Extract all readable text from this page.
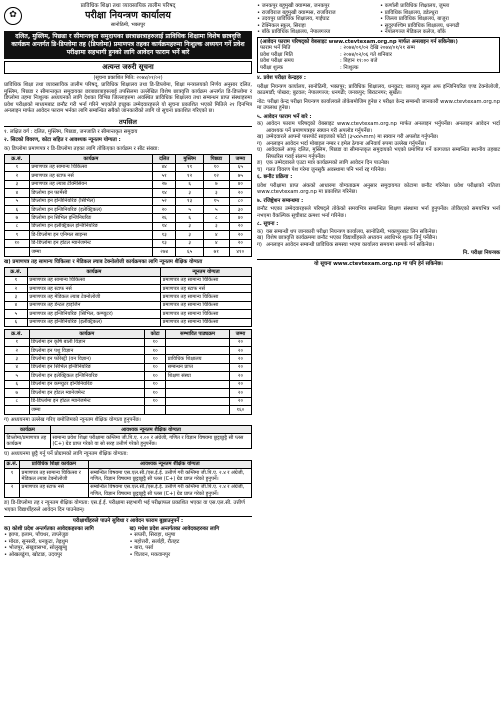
✿
प्राविधिक शिक्षा तथा व्यावसायिक तालीम परिषद्
परीक्षा नियन्त्रण कार्यालय
सानोठिमी, भक्तपुर
दलित, मुस्लिम, पिछडा र सीमान्तकृत समुदायका छात्राछात्राहरुलाई प्राविधिक शिक्षामा विशेष छात्रवृत्ति कार्यक्रम अन्तर्गत डि-डिप्लोमा तह (डिप्लोमा) प्रमाणपत्र तहका कार्यक्रमहरुमा निःशुल्क अध्ययन गर्ने प्रवेश परीक्षामा सहभागी हुनको लागि आवेदन फाराम भर्ने बारे
अत्यन्त जरुरी सूचना
(सूचना प्रकाशित मिति: २०७४/०१/०२)

प्राविधिक शिक्षा तथा व्यावसायिक तालीम परिषद्, प्राविधिक शिक्षालय तथा डि-डिप्लोमा, शिक्षा मन्त्रालयको निर्णय अनुसार दलित, मुस्लिम, पिछडा र सीमान्तकृत समुदायका छात्राछात्राहरुलाई तपसिलमा उल्लेखित विशेष छात्रवृत्ति कार्यक्रम अन्तर्गत डि-डिप्लोमा र डिप्लोमा तहमा निःशुल्क अध्ययनको लागि देशका विभिन्न जिल्लाहरुमा अवस्थित प्राविधिक शिक्षालय तथा सम्बन्धन प्राप्त संस्थाहरुमा प्रवेश परीक्षाको माध्यमबाट छनौट गरी भर्ना गरिने भएकोले इच्छुक उम्मेदवारहरुले यो सूचना प्रकाशित भएको मितिले २१ दिनभित्र अनलाइन मार्फत आवेदन फाराम भर्नका लागि सम्बन्धित सबैको जानकारीको लागि यो सूचना प्रकाशित गरिएको छ।

तपसिल
१. लक्षित वर्ग : दलित, मुस्लिम, पिछडा, जनजाति र सीमान्तकृत समुदाय
२. सिटको विवरण, कोटा सहित र आवश्यक न्यूनतम योग्यता :
क) डिप्लोमा प्रमाणपत्र र डि-डिप्लोमा तहका लागि तोकिएका कार्यक्रम र सीट संख्या:
क्र.सं.	कार्यक्रम	दलित	मुस्लिम	पिछडा	जम्मा
१	प्रमाणपत्र तह सामान्य चिकित्सा	४४	११	१०	६५
२	प्रमाणपत्र तह स्टाफ नर्स	५१	१२	१२	७५
३	प्रमाणपत्र तह ल्याब टेक्निसियन	२७	६	७	४०
४	डिप्लोमा इन फार्मेसी	१४	३	३	२०
५	डिप्लोमा इन इन्जिनियरिङ (सिभिल)	५२	१३	१५	८०
६	डिप्लोमा इन इन्जिनियरिङ (इलेक्ट्रिकल)	२०	५	५	३०
७	डिप्लोमा इन सिभिल इन्जिनियरिङ	२६	६	८	४०
८	डिप्लोमा इन इलेक्ट्रिकल इन्जिनियरिङ	१४	३	३	२०
९	डि-डिप्लोमा इन एनिमल साइन्स	१३	३	४	२०
१०	डि-डिप्लोमा इन होटल म्यानेजमेन्ट	१३	३	४	२०
	जम्मा	२७४	६५	७१	४१०
ख) प्रमाणपत्र तह सामान्य चिकित्सा र मेडिकल ल्याब टेक्नोलोजी कार्यक्रमका लागि न्यूनतम शैक्षिक योग्यता
क्र.सं.	कार्यक्रम	न्यूनतम योग्यता
१	प्रमाणपत्र तह सामान्य चिकित्सा	प्रमाणपत्र तह सामान्य चिकित्सा
२	प्रमाणपत्र तह स्टाफ नर्स	प्रमाणपत्र तह स्टाफ नर्स
३	प्रमाणपत्र तह मेडिकल ल्याब टेक्नोलोजी	प्रमाणपत्र तह सामान्य चिकित्सा
४	प्रमाणपत्र तह डेन्टल हाइजिन	प्रमाणपत्र तह सामान्य चिकित्सा
५	प्रमाणपत्र तह इन्जिनियरिङ (सिभिल, कम्प्युटर)	प्रमाणपत्र तह सामान्य चिकित्सा
६	प्रमाणपत्र तह इन्जिनियरिङ (इलेक्ट्रिकल)	प्रमाणपत्र तह सामान्य चिकित्सा
क्र.सं.	कार्यक्रम	कोटा	सम्भावित पाठ्यक्रम	जम्मा
१	डिप्लोमा इन कृषि बाली विज्ञान	१०		२०
२	डिप्लोमा इन पशु विज्ञान	१०		२०
३	डिप्लोमा इन फोरेस्ट्री (वन विज्ञान)	१०	प्राविधिक शिक्षालय	२०
४	डिप्लोमा इन सिभिल इन्जिनियरिङ	१०	सम्बन्धन प्राप्त	२०
५	डिप्लोमा इन इलेक्ट्रिकल इन्जिनियरिङ	१०	शिक्षण संस्था	२०
६	डिप्लोमा इन कम्प्युटर इन्जिनियरिङ	१०		२०
७	डिप्लोमा इन होटल म्यानेजमेन्ट	१०		२०
८	डि-डिप्लोमा इन होटल म्यानेजमेन्ट	१०		२०
	जम्मा			१६०
ग) अध्ययनमा उल्लेख गरिए बमोजिमको न्यूनतम शैक्षिक योग्यता हुनुपर्नेछ।
कार्यक्रम	आवश्यक न्यूनतम शैक्षिक योग्यता
डिप्लोमा/प्रमाणपत्र तह कार्यक्रम	सामान्य प्रवेश शिक्षा परीक्षामा कम्तिमा जी.पि.ए. २.०० र अंग्रेजी, गणित र विज्ञान विषयमा छुट्टाछुट्टै सी प्लस (C+) ग्रेड प्राप्त गरेको वा सो सरह उत्तीर्ण गरेको हुनुपर्नेछ।
घ) अध्ययनमा छुट्टै गर्नु पर्ने प्रोग्रामको लागि न्यूनतम शैक्षिक योग्यता:
क्र.सं.	प्राविधिक शिक्षा कार्यक्रम	आवश्यक न्यूनतम शैक्षिक योग्यता
१	प्रमाणपत्र तह सामान्य चिकित्सा र मेडिकल ल्याब टेक्नोलोजी	सम्बन्धित विषयमा एस.एल.सी./एस.ई.ई. उत्तीर्ण गरी कम्तिमा जी.पि.ए. २.४ र अंग्रेजी, गणित, विज्ञान विषयमा छुट्टाछुट्टै सी प्लस (C+) ग्रेड प्राप्त गरेको हुनुपर्ने।
२	प्रमाणपत्र तह स्टाफ नर्स	सम्बन्धित विषयमा एस.एल.सी./एस.ई.ई. उत्तीर्ण गरी कम्तिमा जी.पि.ए. २.४ र अंग्रेजी, गणित, विज्ञान विषयमा छुट्टाछुट्टै सी प्लस (C+) ग्रेड प्राप्त गरेको हुनुपर्ने।
ङ) डि-डिप्लोमा तह र न्यूनतम शैक्षिक योग्यता: एस.ई.ई. परीक्षामा सहभागी भई परीक्षाफल प्रकाशित भएका वा एस.एल.सी. उत्तीर्ण भएका विद्यार्थीहरुले आवेदन दिन पाउनेछन्।
परीक्षार्थीहरुले पाउने सुविधा र आवेदन फाराम बुझाउनुपर्ने :
क) कोशी प्रदेश अन्तर्गतका आवेदकहरुका लागि
• झापा, इलाम, पाँचथर, ताप्लेजुङ
• मोरङ, सुनसरी, धनकुटा, तेह्रथुम
• भोजपुर, संखुवासभा, सोलुखुम्बु
• ओखलढुंगा, खोटाङ, उदयपुर
ख) मधेश प्रदेश अन्तर्गतका आवेदकहरुका लागि
• सप्तरी, सिराहा, धनुषा
• महोत्तरी, सर्लाही, रौतहट
• बारा, पर्सा
• चितवन, मकवानपुर
• जनकपुर बहुमुखी क्याम्पस, जनकपुर
• राजविराज बहुमुखी क्याम्पस, राजविराज
• उदयपुर प्राविधिक शिक्षालय, गाईघाट
• टेक्निकल स्कूल, सिराहा
• बाँके प्राविधिक शिक्षालय, नेपालगञ्ज
• कर्णाली प्राविधिक शिक्षालय, जुम्ला
• प्राविधिक शिक्षालय, डडेल्धुरा
• जिल्ला प्राविधिक शिक्षालय, बाजुरा
• सुदूरपश्चिम प्राविधिक शिक्षालय, धनगढी
• नेपालगञ्ज मेडिकल कलेज, बाँके
(आवेदन फाराम परिषद्‌को वेबसाइट www.ctevtexam.org.np मार्फत अनलाइन गर्न सकिनेछ।)
फाराम भर्ने मिति	: २०७४/०१/०२ देखि २०७४/०१/२१ सम्म
प्रवेश परीक्षा मिति	: २०७४/०२/०६ गते शनिबार
प्रवेश परीक्षा समय	: बिहान ११:०० बजे
परीक्षा शुल्क	: निःशुल्क
४. प्रवेश परीक्षा केन्द्रहरु :

परीक्षा नियन्त्रण कार्यालय, सानोठिमी, भक्तपुर; प्राविधिक शिक्षालय, धनकुटा; बालाजु स्कूल अफ इन्जिनियरिङ एण्ड टेक्नोलोजी, काठमाडौं; पोखरा; बुटवल; नेपालगञ्ज; धनगढी; जनकपुर; बिराटनगर; सुर्खेत।

नोट: परीक्षा केन्द्र परीक्षा नियन्त्रण कार्यालयले तोकेबमोजिम हुनेछ र परीक्षा केन्द्र सम्बन्धी जानकारी www.ctevtexam.org.np मा उपलब्ध हुनेछ।

५. आवेदन फाराम भर्ने बारे :
क) आवेदन फाराम परिषद्‌को वेबसाइट www.ctevtexam.org.np मार्फत अनलाइन भर्नुपर्नेछ। अनलाइन आवेदन भर्दा आवश्यक पर्ने प्रमाणपत्रहरु स्क्यान गरी अपलोड गर्नुपर्नेछ।
ख) उम्मेदवारले आफ्नो पासपोर्ट साइजको फोटो (३५x४५mm) मा स्क्यान गरी अपलोड गर्नुपर्नेछ।
ग) अनलाइन आवेदन भर्दा मोबाइल नम्बर र इमेल ठेगाना अनिवार्य रुपमा उल्लेख गर्नुपर्नेछ।
घ) आवेदकले आफू दलित, मुस्लिम, पिछडा वा सीमान्तकृत समुदायको भएको प्रमाणित गर्ने कागजात सम्बन्धित स्थानीय तहबाट सिफारिस गराई संलग्न गर्नुपर्नेछ।
ङ) एक उम्मेदवारले एउटा मात्र कार्यक्रमको लागि आवेदन दिन पाउनेछ।
च) गलत विवरण पेश गरेमा जुनसुकै अवस्थामा पनि भर्ना रद्द गरिनेछ।
६. छनौट प्रक्रिया :

प्रवेश परीक्षामा प्राप्त अंकको आधारमा योग्यताक्रम अनुसार समुदायगत कोटामा छनौट गरिनेछ। प्रवेश परीक्षाको नतिजा www.ctevtexam.org.np मा प्रकाशित गरिनेछ।

७. रजिष्ट्रेशन सम्बन्धमा :

छनौट भएका उम्मेदवारहरुले परिषद्‌ले तोकेको समयभित्र सम्बन्धित शिक्षण संस्थामा भर्ना हुनुपर्नेछ। तोकिएको समयभित्र भर्ना नभएमा वैकल्पिक सूचीबाट क्रमशः भर्ना गरिनेछ।

८. सूचना :
क) यस सम्बन्धी थप जानकारी परीक्षा नियन्त्रण कार्यालय, सानोठिमी, भक्तपुरबाट लिन सकिनेछ।
ख) विशेष छात्रवृत्ति कार्यक्रममा छनौट भएका विद्यार्थीहरुले अध्ययन अवधिभर शुल्क तिर्नु पर्नेछैन।
ग) अनलाइन आवेदन सम्बन्धी प्राविधिक समस्या भएमा कार्यालय समयमा सम्पर्क गर्न सकिनेछ।
नि. परीक्षा नियन्त्रक
यो सूचना www.ctevtexam.org.np मा पनि हेर्न सकिनेछ।
